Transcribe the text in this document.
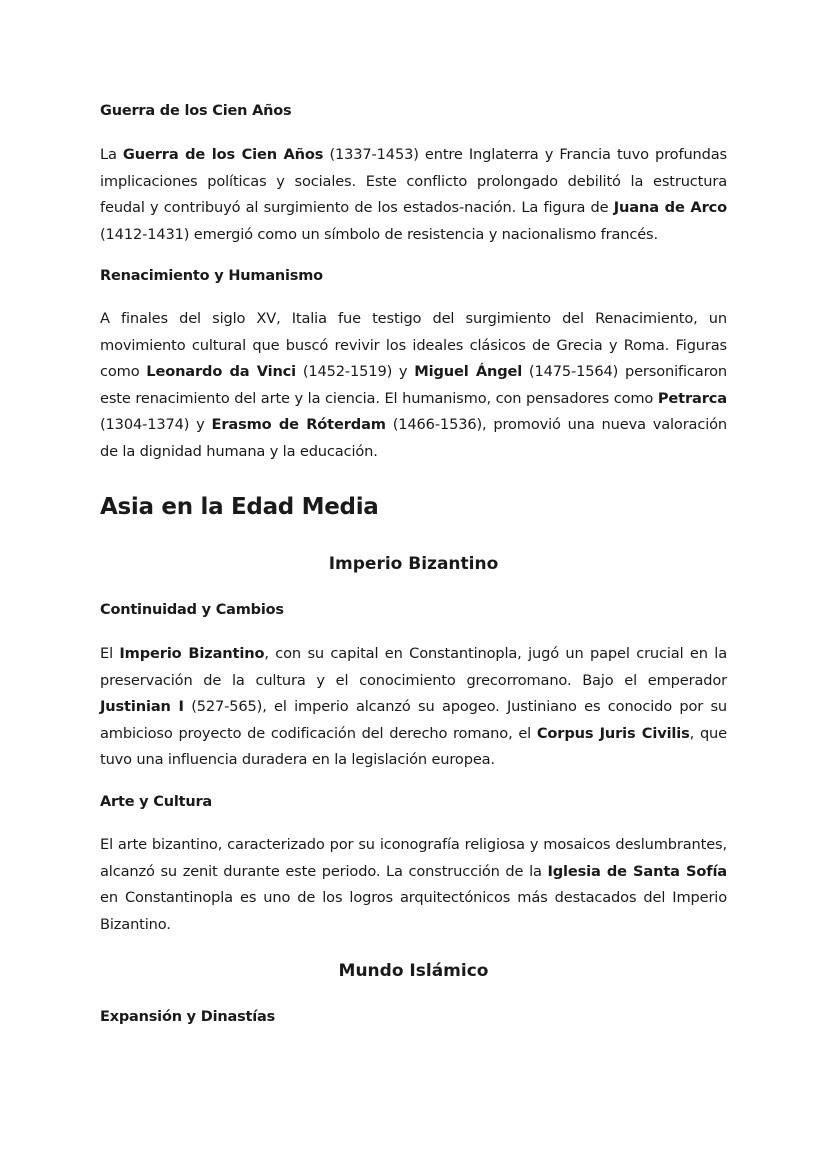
Guerra de los Cien Años

La Guerra de los Cien Años (1337-1453) entre Inglaterra y Francia tuvo profundas implicaciones políticas y sociales. Este conflicto prolongado debilitó la estructura feudal y contribuyó al surgimiento de los estados-nación. La figura de Juana de Arco (1412-1431) emergió como un símbolo de resistencia y nacionalismo francés.

Renacimiento y Humanismo

A finales del siglo XV, Italia fue testigo del surgimiento del Renacimiento, un movimiento cultural que buscó revivir los ideales clásicos de Grecia y Roma. Figuras como Leonardo da Vinci (1452-1519) y Miguel Ángel (1475-1564) personificaron este renacimiento del arte y la ciencia. El humanismo, con pensadores como Petrarca (1304-1374) y Erasmo de Róterdam (1466-1536), promovió una nueva valoración de la dignidad humana y la educación.

Asia en la Edad Media
Imperio Bizantino
Continuidad y Cambios

El Imperio Bizantino, con su capital en Constantinopla, jugó un papel crucial en la preservación de la cultura y el conocimiento grecorromano. Bajo el emperador Justinian I (527-565), el imperio alcanzó su apogeo. Justiniano es conocido por su ambicioso proyecto de codificación del derecho romano, el Corpus Juris Civilis, que tuvo una influencia duradera en la legislación europea.

Arte y Cultura

El arte bizantino, caracterizado por su iconografía religiosa y mosaicos deslumbrantes, alcanzó su zenit durante este periodo. La construcción de la Iglesia de Santa Sofía en Constantinopla es uno de los logros arquitectónicos más destacados del Imperio Bizantino.

Mundo Islámico
Expansión y Dinastías
